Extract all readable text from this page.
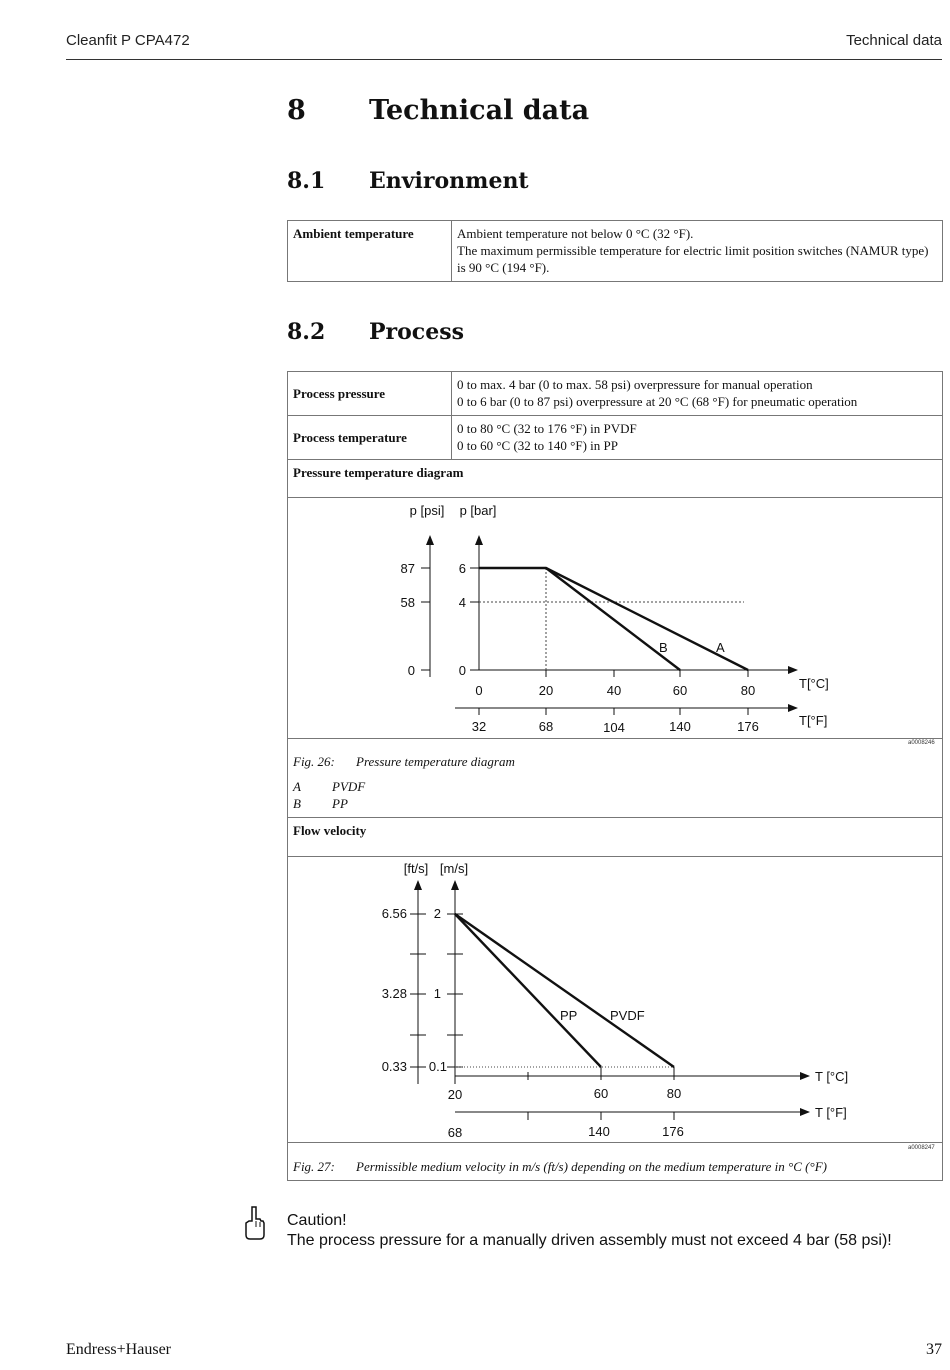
Cleanfit P CPA472	Technical data
8 Technical data
8.1 Environment
Ambient temperature	Ambient temperature not below 0 °C (32 °F).
The maximum permissible temperature for electric limit position switches (NAMUR type)
is 90 °C (194 °F).
8.2 Process
Process pressure	0 to max. 4 bar (0 to max. 58 psi) overpressure for manual operation
0 to 6 bar (0 to 87 psi) overpressure at 20 °C (68 °F) for pneumatic operation

Process temperature	0 to 80 °C (32 to 176 °F) in PVDF
0 to 60 °C (32 to 140 °F) in PP
Pressure temperature diagram
p [psi] p [bar]
87
58
0
6
4
0
0	20	40	60	80	T[°C]
32	68	104	140	176	T[°F]
B	A
a0008246
Fig. 26: Pressure temperature diagram
A PVDF
B PP
Flow velocity
[ft/s] [m/s]
6.56
3.28
0.33
2
1
0.1
20	60	80
T [°C]
68	140	176
T [°F]
PP	PVDF
a0008247
Fig. 27: Permissible medium velocity in m/s (ft/s) depending on the medium temperature in °C (°F)
Caution!
The process pressure for a manually driven assembly must not exceed 4 bar (58 psi)!
Endress+Hauser	37
